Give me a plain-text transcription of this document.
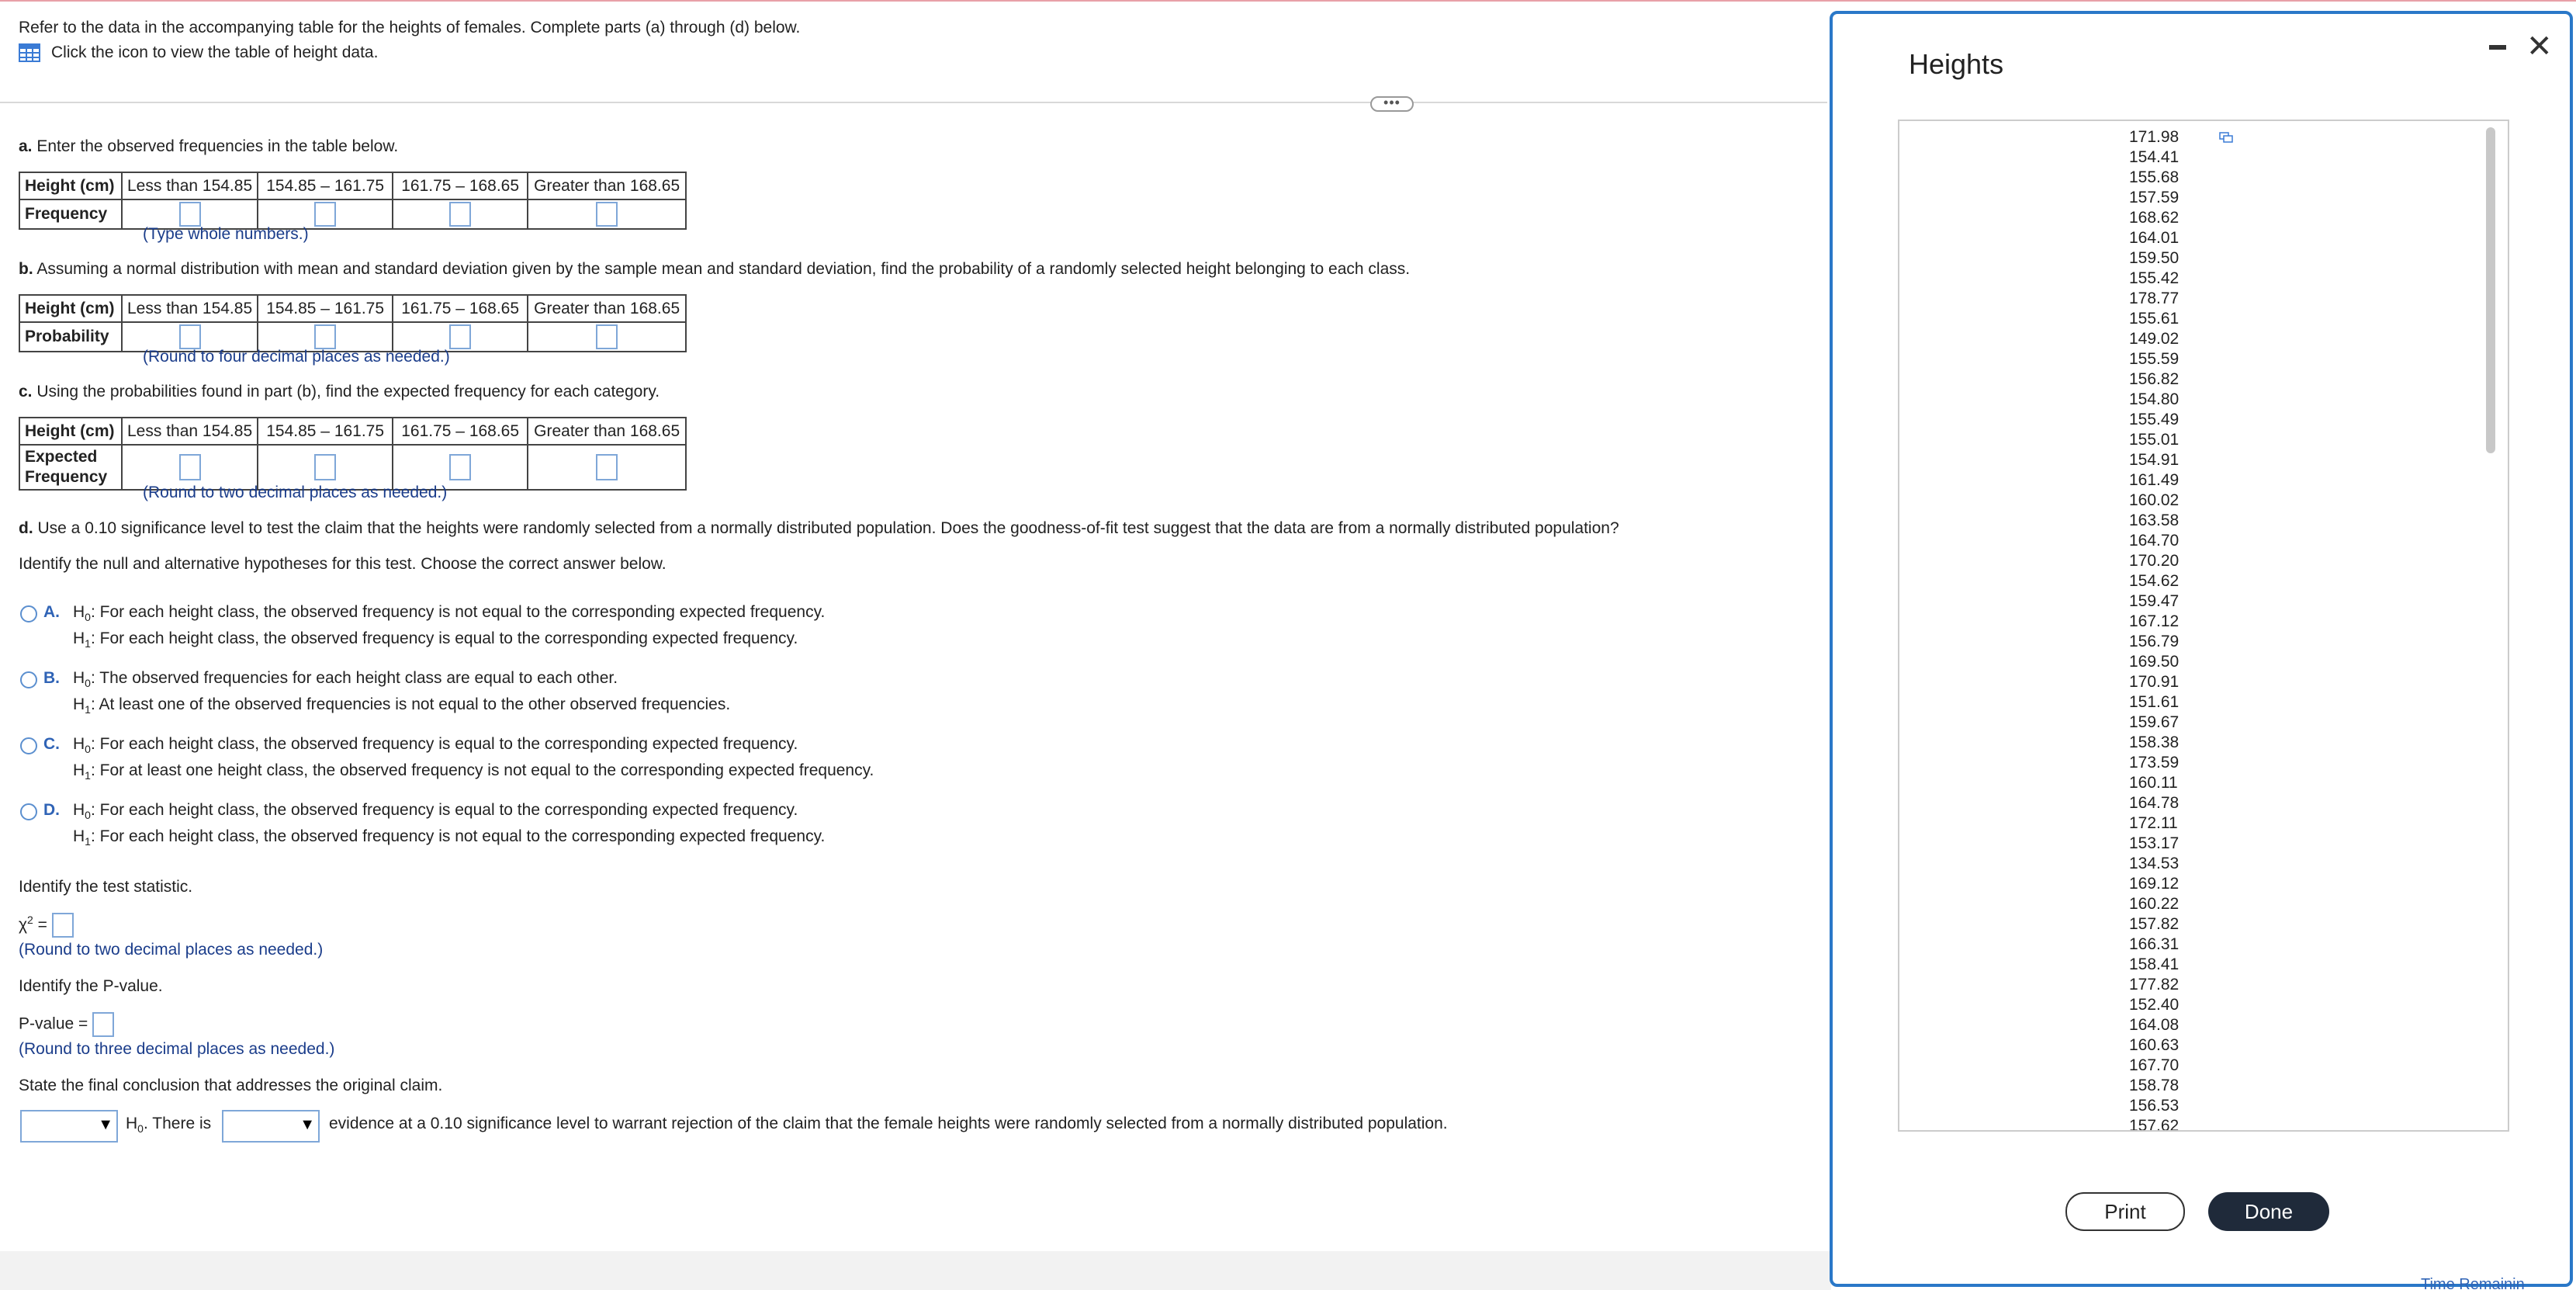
Refer to the data in the accompanying table for the heights of females. Complete parts (a) through (d) below.
Click the icon to view the table of height data.
•••
a. Enter the observed frequencies in the table below.
Height (cm)	Less than 154.85	154.85 – 161.75	161.75 – 168.65	Greater than 168.65
Frequency				
(Type whole numbers.)
b. Assuming a normal distribution with mean and standard deviation given by the sample mean and standard deviation, find the probability of a randomly selected height belonging to each class.
Height (cm)	Less than 154.85	154.85 – 161.75	161.75 – 168.65	Greater than 168.65
Probability				
(Round to four decimal places as needed.)
c. Using the probabilities found in part (b), find the expected frequency for each category.
Height (cm)	Less than 154.85	154.85 – 161.75	161.75 – 168.65	Greater than 168.65
Expected
Frequency				
(Round to two decimal places as needed.)
d. Use a 0.10 significance level to test the claim that the heights were randomly selected from a normally distributed population. Does the goodness-of-fit test suggest that the data are from a normally distributed population?
Identify the null and alternative hypotheses for this test. Choose the correct answer below.
A. $H_0$: For each height class, the observed frequency is not equal to the corresponding expected frequency.
$H_1$: For each height class, the observed frequency is equal to the corresponding expected frequency.
B. $H_0$: The observed frequencies for each height class are equal to each other.
$H_1$: At least one of the observed frequencies is not equal to the other observed frequencies.
C. $H_0$: For each height class, the observed frequency is equal to the corresponding expected frequency.
$H_1$: For at least one height class, the observed frequency is not equal to the corresponding expected frequency.
D. $H_0$: For each height class, the observed frequency is equal to the corresponding expected frequency.
$H_1$: For each height class, the observed frequency is not equal to the corresponding expected frequency.
Identify the test statistic.
$\chi^2$ =
(Round to two decimal places as needed.)
Identify the P-value.
P-value =
(Round to three decimal places as needed.)
State the final conclusion that addresses the original claim.
▼ $H_0$. There is	▼ evidence at a 0.10 significance level to warrant rejection of the claim that the female heights were randomly selected from a normally distributed population.
Heights
✕
171.98
154.41
155.68
157.59
168.62
164.01
159.50
155.42
178.77
155.61
149.02
155.59
156.82
154.80
155.49
155.01
154.91
161.49
160.02
163.58
164.70
170.20
154.62
159.47
167.12
156.79
169.50
170.91
151.61
159.67
158.38
173.59
160.11
164.78
172.11
153.17
134.53
169.12
160.22
157.82
166.31
158.41
177.82
152.40
164.08
160.63
167.70
158.78
156.53
157.62
Print	Done
Time Remainin
